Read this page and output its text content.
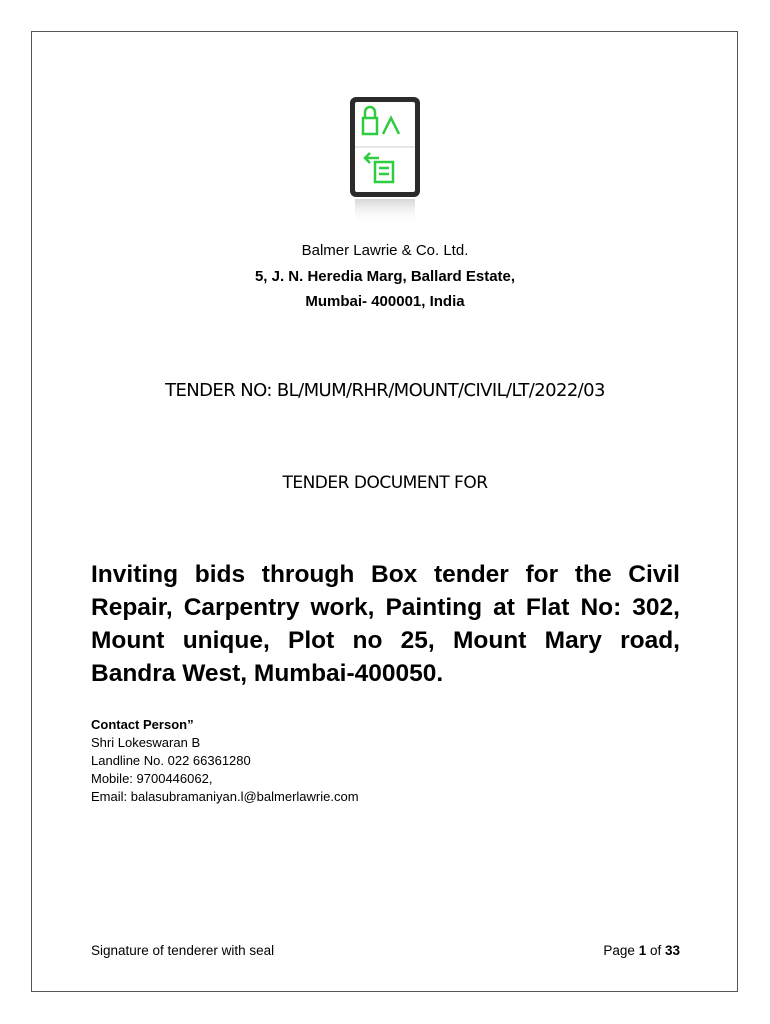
Balmer Lawrie & Co. Ltd.
5, J. N. Heredia Marg, Ballard Estate,
Mumbai- 400001, India
TENDER NO: BL/MUM/RHR/MOUNT/CIVIL/LT/2022/03
TENDER DOCUMENT FOR
Inviting bids through Box tender for the Civil Repair, Carpentry work, Painting at Flat No: 302, Mount unique, Plot no 25, Mount Mary road, Bandra West, Mumbai-400050.
Contact Person”
Shri Lokeswaran B
Landline No. 022 66361280
Mobile: 9700446062,
Email: balasubramaniyan.l@balmerlawrie.com
Signature of tenderer with seal	Page 1 of 33
